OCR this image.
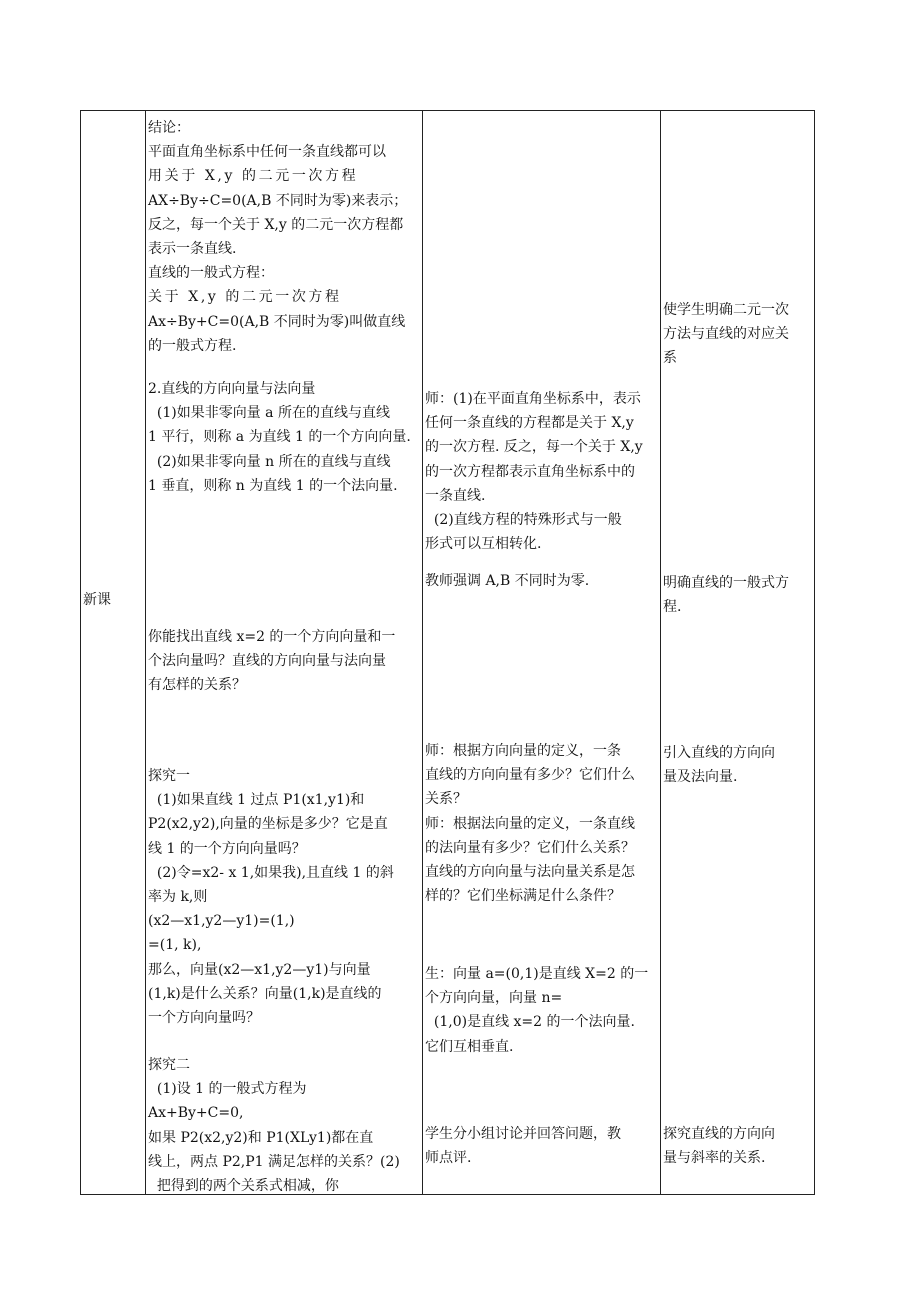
新课
结论：
平面直角坐标系中任何一条直线都可以
用关于 X,y 的二元一次方程
AX÷By÷C=0(A,B 不同时为零)来表示；
反之，每一个关于 X,y 的二元一次方程都
表示一条直线.
直线的一般式方程：
关于 X,y 的二元一次方程
Ax÷By+C=0(A,B 不同时为零)叫做直线
的一般式方程.
2.直线的方向向量与法向量
(1)如果非零向量 a 所在的直线与直线
1 平行，则称 a 为直线 1 的一个方向向量.
(2)如果非零向量 n 所在的直线与直线
1 垂直，则称 n 为直线 1 的一个法向量.
你能找出直线 x=2 的一个方向向量和一
个法向量吗？直线的方向向量与法向量
有怎样的关系？
探究一
(1)如果直线 1 过点 P1(x1,y1)和
P2(x2,y2),向量的坐标是多少？它是直
线 1 的一个方向向量吗？
(2)令=x2- x 1,如果我),且直线 1 的斜
率为 k,则
(x2—x1,y2—y1)=(1,)
=(1, k),
那么，向量(x2—x1,y2—y1)与向量
(1,k)是什么关系？向量(1,k)是直线的
一个方向向量吗？
探究二
(1)设 1 的一般式方程为
Ax+By+C=0,
如果 P2(x2,y2)和 P1(XLy1)都在直
线上，两点 P2,P1 满足怎样的关系？(2)
把得到的两个关系式相减，你
师：(1)在平面直角坐标系中，表示
任何一条直线的方程都是关于 X,y
的一次方程. 反之，每一个关于 X,y
的一次方程都表示直角坐标系中的
一条直线.
(2)直线方程的特殊形式与一般
形式可以互相转化.
教师强调 A,B 不同时为零.
师：根据方向向量的定义，一条
直线的方向向量有多少？它们什么
关系？
师：根据法向量的定义，一条直线
的法向量有多少？它们什么关系？
直线的方向向量与法向量关系是怎
样的？它们坐标满足什么条件？
生：向量 a=(0,1)是直线 X=2 的一
个方向向量，向量 n=
(1,0)是直线 x=2 的一个法向量.
它们互相垂直.
学生分小组讨论并回答问题，教
师点评.
使学生明确二元一次
方法与直线的对应关
系
明确直线的一般式方
程.
引入直线的方向向
量及法向量.
探究直线的方向向
量与斜率的关系.
